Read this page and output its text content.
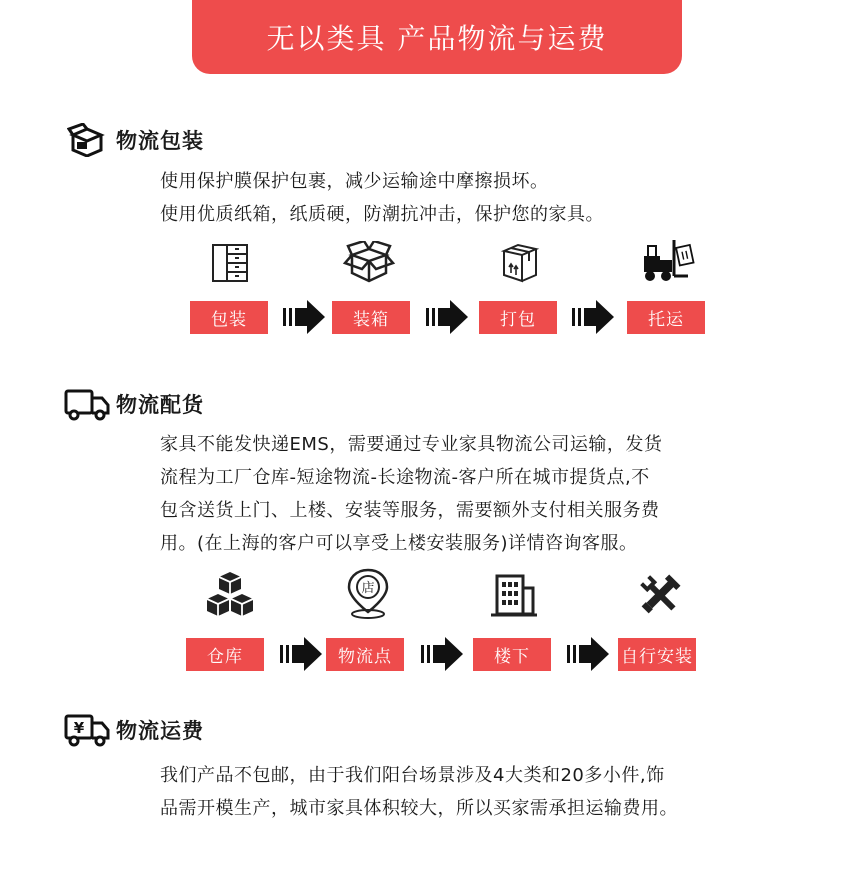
无以类具 产品物流与运费
物流包装
使用保护膜保护包裹，减少运输途中摩擦损坏。
使用优质纸箱，纸质硬，防潮抗冲击，保护您的家具。
包装	装箱	打包	托运
物流配货
家具不能发快递EMS，需要通过专业家具物流公司运输，发货
流程为工厂仓库-短途物流-长途物流-客户所在城市提货点,不
包含送货上门、上楼、安装等服务，需要额外支付相关服务费
用。(在上海的客户可以享受上楼安装服务)详情咨询客服。
仓库
店
物流点	楼下	自行安装
¥ 物流运费
我们产品不包邮，由于我们阳台场景涉及4大类和20多小件,饰
品需开模生产，城市家具体积较大，所以买家需承担运输费用。
